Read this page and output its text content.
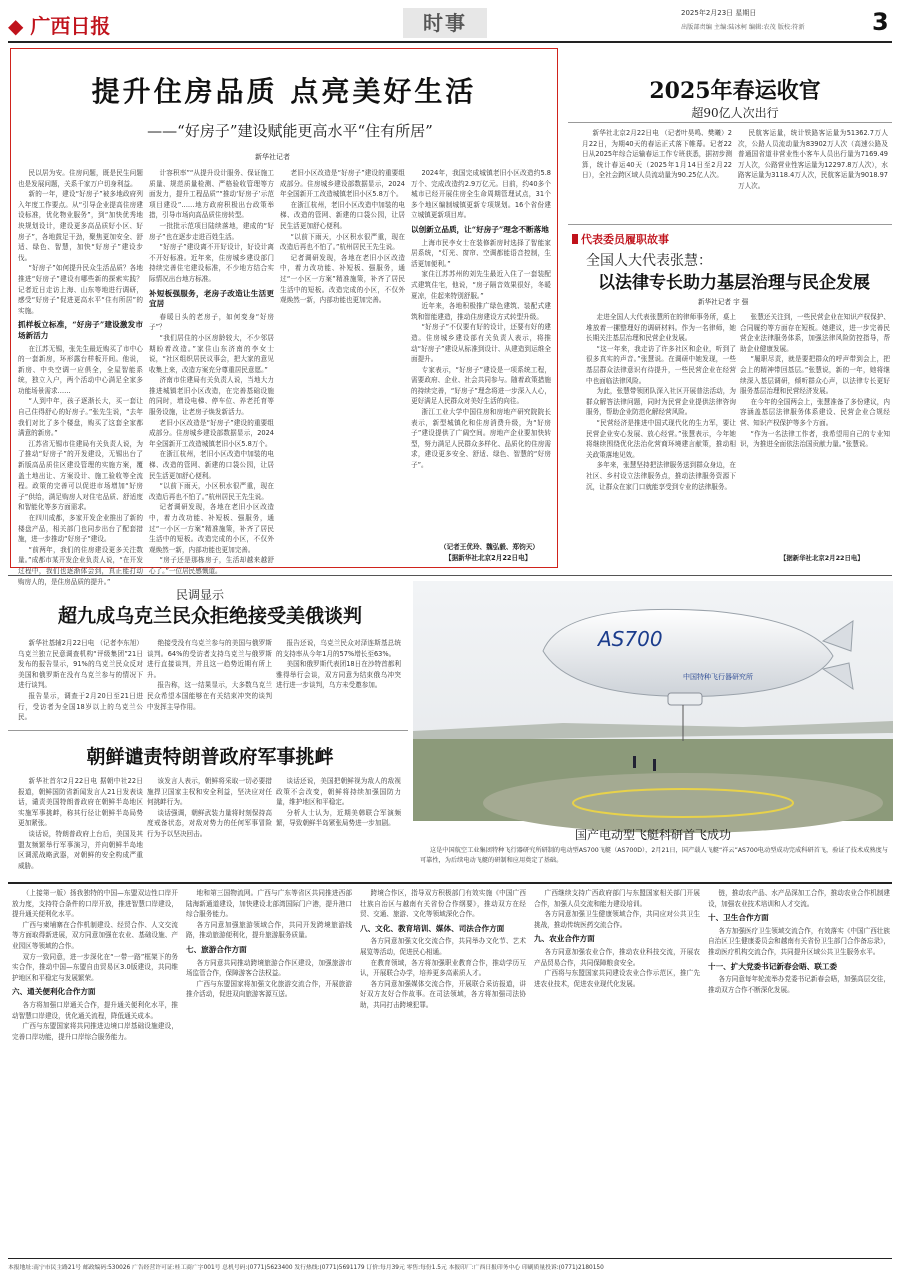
◆ 广西日报	时事	2025年2月23日 星期日
出版部责编 主编:陆冰柯 编辑:农茂 版校:符新	3
提升住房品质 点亮美好生活
——“好房子”建设赋能更高水平“住有所居”
新华社记者

民以居为安。住房问题，既是民生问题也是发展问题，关系千家万户切身利益。

新的一年，建设“好房子”被多地政府列入年度工作要点。从“引导企业提高住房建设标准，优化物业服务”，到“加快优秀地块规划设计，建设更多高品质好小区、好房子”，各地鼓足干劲，聚焦更加安全、舒适、绿色、智慧，加快“好房子”建设步伐。

“好房子”如何提升民众生活品质？各地推进“好房子”建设有哪些新的探索实践？记者近日走访上海、山东等地进行调研，感受“好房子”促进更高水平“住有所居”的实施。

抓样板立标准，“好房子”建设激发市场新活力

在江苏无锡，张先生最近购买了市中心的一套新房，环形露台样板开间。他说，新房、中央空调一应俱全，全屋智能系统，独立入户，两个活动中心满足全家多功能场景需求……

“人到中年，孩子逐渐长大，买一套让自己住得舒心的好房子。”张先生说，“去年我们对比了多个楼盘，购买了这套全家都满意的新房。”

江苏省无锡市住建局有关负责人说，为了推动“好房子”的开发建设，无锡出台了新版高品质住区建设管理的实施方案，覆盖土地出让、方案设计、施工验收等全流程。政策的完善可以促进市场增加“好房子”供给，满足购房人对住宅品质、舒适度和智能化等多方面需求。

在四川成都，多家开发企业推出了新的楼盘产品，相关部门也同步出台了配套措施，进一步推动“好房子”建设。

“前两年，我们的住房建设更多关注数量。”成都市某开发企业负责人说，“在开发过程中，我们也逐渐体会到，真正能打动购房人的，是住房品质的提升。”

计容积率”“从提升设计服务、保证施工质量、规范质量检测、严格验收管理等方面发力，提升工程品质”“推动‘好房子’示范项目建设”……地方政府积极出台政策举措，引导市场向高品质住房转型。

一批批示范项目陆续落地，建成的“好房子”也在逐步走进百姓生活。

“好房子”建设离不开好设计，好设计离不开好标准。近年来，住房城乡建设部门持续完善住宅建设标准，不少地方结合实际情况出台地方标准。

补短板强服务，老房子改造让生活更宜居

春暖日头的老房子，如何变身“好房子”？

“我们居住的小区房龄较大，不少邻居期盼着改造。”家住山东济南的李女士说，“社区组织居民议事会，把大家的意见收集上来，改造方案充分尊重居民意愿。”

济南市住建局有关负责人说，当地大力推进城镇老旧小区改造，在完善基础设施的同时，增设电梯、停车位、养老托育等服务设施，让老房子焕发新活力。

老旧小区改造是“好房子”建设的重要组成部分。住房城乡建设部数据显示，2024年全国新开工改造城镇老旧小区5.8万个。

在浙江杭州，老旧小区改造中加装的电梯、改造的管网、新建的口袋公园，让居民生活更加舒心便利。

“以前下雨天，小区积水很严重，现在改造后再也不怕了。”杭州居民王先生说。

记者调研发现，各地在老旧小区改造中，着力改功能、补短板、强服务，通过“一小区一方案”精准施策，补齐了居民生活中的短板。改造完成的小区，不仅外观焕然一新，内部功能也更加完善。

“房子还是那栋房子，生活却越来越舒心了。”一位居民感慨道。

老旧小区改造是“好房子”建设的重要组成部分。住房城乡建设部数据显示，2024年全国新开工改造城镇老旧小区5.8万个。

在浙江杭州，老旧小区改造中加装的电梯、改造的管网、新建的口袋公园，让居民生活更加舒心便利。

“以前下雨天，小区积水很严重，现在改造后再也不怕了。”杭州居民王先生说。

记者调研发现，各地在老旧小区改造中，着力改功能、补短板、强服务，通过“一小区一方案”精准施策，补齐了居民生活中的短板。改造完成的小区，不仅外观焕然一新，内部功能也更加完善。

2024年，我国完成城镇老旧小区改造约5.8万个、完成改造约2.9万亿元。目前，约40多个城市已经开展住房全生命周期管理试点，31个多个地区编制城镇更新专项规划。16个省份建立城镇更新项目库。

以创新立品质，让“好房子”理念不断落地

上海市民李女士在装修新房时选择了智能家居系统，“灯光、窗帘、空调都能语音控制，生活更加便利。”

家住江苏苏州的刘先生最近入住了一套装配式建筑住宅，他说，“房子隔音效果很好，冬暖夏凉，住起来特别舒服。”

近年来，各地积极推广绿色建筑、装配式建筑和智能建造，推动住房建设方式转型升级。

“好房子”不仅要有好的设计，还要有好的建造。住房城乡建设部有关负责人表示，将推动“好房子”建设从标准到设计、从建造到运维全面提升。

专家表示，“好房子”建设是一项系统工程，需要政府、企业、社会共同参与。随着政策措施的持续完善，“好房子”理念将进一步深入人心，更好满足人民群众对美好生活的向往。

浙江工业大学中国住房和房地产研究院院长表示，新型城镇化和住房消费升级，为“好房子”建设提供了广阔空间。房地产企业要加快转型，努力满足人民群众多样化、品质化的住房需求，建设更多安全、舒适、绿色、智慧的“好房子”。

（记者王优玲、魏弘毅、郑钧天）
【据新华社北京2月22日电】
2025年春运收官
超90亿人次出行

新华社北京2月22日电 （记者叶昊鸣、樊曦）2月22日，为期40天的春运正式落下帷幕。记者22日从2025年综合运输春运工作专班获悉，据初步测算，统计春运40天（2025年1月14日至2月22日），全社会跨区域人员流动量为90.25亿人次。

民航客运量，统计铁路客运量为51362.7万人次，公路人员流动量为83902万人次（高速公路及普通国省道非营业性小客车人员出行量为7169.49万人次，公路营业性客运量为12297.8万人次），水路客运量为3118.4万人次，民航客运量为9018.97万人次。

代表委员履职故事
全国人大代表张慧：
以法律专长助力基层治理与民企发展
新华社记者 宇 强

走进全国人大代表张慧所在的律师事务所，桌上堆放着一摞整理好的调研材料。作为一名律师，她长期关注基层治理和民营企业发展。

“这一年来，我走访了许多社区和企业，听到了很多真实的声音。”张慧说。在调研中她发现，一些基层群众法律意识有待提升，一些民营企业在经营中也面临法律风险。

为此，张慧带领团队深入社区开展普法活动，为群众解答法律问题，同时为民营企业提供法律咨询服务，帮助企业防范化解经营风险。

“民营经济是推进中国式现代化的生力军，要让民营企业安心发展、放心经营。”张慧表示，今年她将继续围绕优化法治化营商环境建言献策，推动相关政策落地见效。

多年来，张慧坚持把法律服务送到群众身边，在社区、乡村设立法律服务点，推动法律服务资源下沉，让群众在家门口就能享受到专业的法律服务。

张慧还关注到，一些民营企业在知识产权保护、合同履约等方面存在短板。她建议，进一步完善民营企业法律服务体系，加强法律风险防控指导，帮助企业健康发展。

“履职尽责，就是要把群众的呼声带到会上，把会上的精神带回基层。”张慧说，新的一年，她将继续深入基层调研，倾听群众心声，以法律专长更好服务基层治理和民营经济发展。

在今年的全国两会上，张慧准备了多份建议，内容涵盖基层法律服务体系建设、民营企业合规经营、知识产权保护等多个方面。

“作为一名法律工作者，我希望用自己的专业知识，为推进全面依法治国贡献力量。”张慧说。

【据新华社北京2月22日电】
民调显示
超九成乌克兰民众拒绝接受美俄谈判

新华社基辅2月22日电 （记者李东旭）乌克兰独立民意调查机构“评级集团”21日发布的报告显示，91%的乌克兰民众反对美国和俄罗斯在没有乌克兰参与的情况下进行谈判。

报告显示，调查于2月20日至21日进行，受访者为全国18岁以上的乌克兰公民。

绝接受没有乌克兰参与的美国与俄罗斯谈判。64%的受访者支持乌克兰与俄罗斯进行直接谈判，并且这一趋势近期有所上升。

报告称，这一结果显示，大多数乌克兰民众希望本国能够在有关结束冲突的谈判中发挥主导作用。

报告还说，乌克兰民众对泽连斯基总统的支持率从今年1月的57%增长至63%。

美国和俄罗斯代表团18日在沙特首都利雅得举行会谈，双方同意为结束俄乌冲突进行进一步谈判，乌方未受邀参加。

朝鲜谴责特朗普政府军事挑衅

新华社首尔2月22日电 据朝中社22日报道，朝鲜国防省新闻发言人21日发表谈话，谴责美国特朗普政府在朝鲜半岛地区实施军事挑衅，称其行径让朝鲜半岛局势更加紧张。

谈话说，特朗普政府上台后，美国及其盟友频繁举行军事演习，并向朝鲜半岛地区调派战略武器，对朝鲜的安全构成严重威胁。

该发言人表示，朝鲜将采取一切必要措施捍卫国家主权和安全利益，坚决应对任何挑衅行为。

谈话强调，朝鲜武装力量将时刻保持高度戒备状态，对敌对势力的任何军事冒险行为予以坚决回击。

谈话还说，美国把朝鲜视为敌人的敌视政策不会改变，朝鲜将持续加强国防力量，维护地区和平稳定。

分析人士认为，近期美韩联合军演频繁，导致朝鲜半岛紧张局势进一步加剧。

AS700
中国特种飞行器研究所
国产电动型飞艇科研首飞成功

这是中国航空工业集团特种飞行器研究所研制的电动型AS700飞艇（AS700D），2月21日，国产载人飞艇“祥云”AS700电动型成功完成科研首飞，验证了技术成熟度与可靠性，为后续电动飞艇的研制和应用奠定了基础。

（上接第一版）扬我独特的中国—东盟双边性口岸开放力度，支持符合条件的口岸开放，推进智慧口岸建设，提升通关便利化水平。

广西与柬埔寨在合作机制建设、经贸合作、人文交流等方面取得新进展，双方同意加强在农业、基础设施、产业园区等领域的合作。

双方一致同意，进一步深化在“一带一路”框架下的务实合作，推动中国—东盟自由贸易区3.0版建设，共同维护地区和平稳定与发展繁荣。

六、通关便利化合作方面

各方将加强口岸通关合作，提升通关便利化水平，推动智慧口岸建设，优化通关流程，降低通关成本。

广西与东盟国家将共同推进边境口岸基础设施建设，完善口岸功能，提升口岸综合服务能力。

地和第三国物流网。广西与广东等省区共同推进西部陆海新通道建设，加快建设北部湾国际门户港，提升港口综合服务能力。

各方同意加强旅游领域合作，共同开发跨境旅游线路，推动旅游便利化，提升旅游服务质量。

七、旅游合作方面

各方同意共同推动跨境旅游合作区建设，加强旅游市场监管合作，保障游客合法权益。

广西与东盟国家将加强文化旅游交流合作，开展旅游推介活动，促进双向旅游客源互送。

跨境合作区，指导双方积极部门有效实施《中国广西壮族自治区与越南有关省份合作纲要》，推动双方在经贸、交通、旅游、文化等领域深化合作。

八、文化、教育培训、媒体、司法合作方面

各方同意加强文化交流合作，共同举办文化节、艺术展览等活动，促进民心相通。

在教育领域，各方将加强职业教育合作，推动学历互认，开展联合办学，培养更多高素质人才。

各方同意加强媒体交流合作，开展联合采访报道，讲好双方友好合作故事。在司法领域，各方将加强司法协助，共同打击跨境犯罪。

广西继续支持广西政府部门与东盟国家相关部门开展合作，加强人员交流和能力建设培训。

各方同意加强卫生健康领域合作，共同应对公共卫生挑战，推动传统医药交流合作。

九、农业合作方面

各方同意加强农业合作，推动农业科技交流，开展农产品贸易合作，共同保障粮食安全。

广西将与东盟国家共同建设农业合作示范区，推广先进农业技术，促进农业现代化发展。

链，推动农产品、水产品深加工合作，推动农业合作机制建设，加强农业技术培训和人才交流。

十、卫生合作方面

各方加强医疗卫生领域交流合作，有效落实《中国广西壮族自治区卫生健康委员会和越南有关省份卫生部门合作备忘录》，推动医疗机构交流合作，共同提升区域公共卫生服务水平。

十一、扩大党委书记新春会晤、联工委

各方同意每年轮流举办党委书记新春会晤，加强高层交往，推动双方合作不断深化发展。

本报地址:南宁市民主路21号 邮政编码:530026 广告经营许可证:桂工商广字001号 总机号码:(0771)5623400 发行热线:(0771)5691179 订价:每月39元 零售:每份1.5元 本报印厂:广西日报印务中心 印刷质量投诉:(0771)2180150
